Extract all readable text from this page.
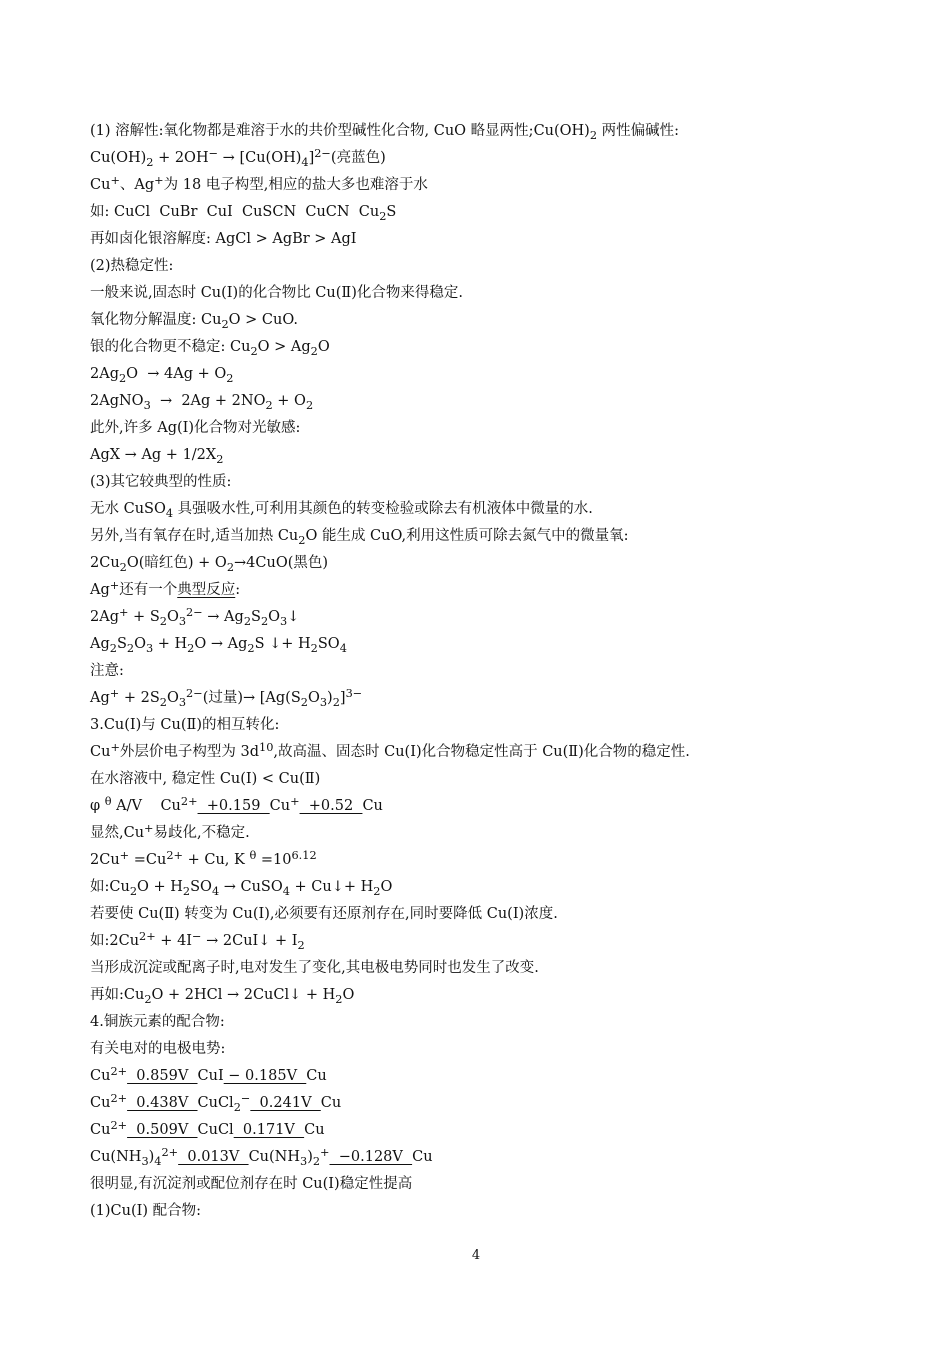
(1) 溶解性:氧化物都是难溶于水的共价型碱性化合物, CuO 略显两性$;Cu(OH)_2$ 两性偏碱性:
$Cu(OH)_2 + 2OH^- \to [Cu(OH)_4]^{2-}$(亮蓝色)
Cu+、Ag+为 18 电子构型,相应的盐大多也难溶于水
如: CuCl  CuBr  CuI  CuSCN  CuCN  $Cu_2S$
再如卤化银溶解度: AgCl > AgBr > AgI
(2)热稳定性:
一般来说,固态时 Cu(Ⅰ)的化合物比 Cu(Ⅱ)化合物来得稳定.
氧化物分解温度: $Cu_2O$ > CuO.
银的化合物更不稳定: $Cu_2O > Ag_2O$
$2Ag_2O \to 4Ag + O_2$
2AgNO$_3$  →  $2Ag + 2NO_2 + O_2$
此外,许多 Ag(Ⅰ)化合物对光敏感:
AgX → $Ag + 1/2X_2$
(3)其它较典型的性质:
无水 CuSO$_4$ 具强吸水性,可利用其颜色的转变检验或除去有机液体中微量的水.
另外,当有氧存在时,适当加热 $Cu_2O$ 能生成 CuO,利用这性质可除去氮气中的微量氧:
$2Cu_2O$(暗红色) + $O_2\to 4CuO$(黑色)
Ag+还有一个典型反应:
$2Ag^+ + S_2O_3^{2-}$ → $Ag_2S_2O_3↓$
$Ag_2S_2O_3 + H_2O \to Ag_2S$ ↓+ $H_2SO_4$
注意:
$Ag^+ + 2S_2O_3^{2-}$(过量)→ $[Ag(S_2O_3)_2]^{3-}$
3.Cu(Ⅰ)与 Cu(Ⅱ)的相互转化:
Cu+外层价电子构型为 $3d^{10}$,故高温、固态时 Cu(Ⅰ)化合物稳定性高于 Cu(Ⅱ)化合物的稳定性.
在水溶液中, 稳定性 Cu(Ⅰ) < Cu(Ⅱ)
φ $^\theta$ A/V    $Cu^{2+} +0.159$  Cu+  +0.52  Cu
显然,Cu+易歧化,不稳定.
$2Cu^+ =Cu^{2+} + Cu$, K $^\theta =10^{6.12}$
如$:Cu_2O + H_2SO_4$ → CuSO$_4$ + Cu↓+ $H_2O$
若要使 Cu(Ⅱ) 转变为 Cu(Ⅰ),必须要有还原剂存在,同时要降低 Cu(Ⅰ)浓度.
如$:2Cu^{2+} + 4I^-$ → 2CuI↓ + $I_2$
当形成沉淀或配离子时,电对发生了变化,其电极电势同时也发生了改变.
再如$:Cu_2O + 2HCl$ → 2CuCl↓ + $H_2O$
4.铜族元素的配合物:
有关电对的电极电势:
$Cu^{2+}$  0.859V  CuI − 0.185V  Cu
$Cu^{2+}$  0.438V  CuCl$_2$−  0.241V  Cu
$Cu^{2+}$  0.509V  CuCl  0.171V  Cu
$Cu(NH_3)_4^{2+}$  0.013V  $Cu(NH_3)_2^+ -0.128V$  Cu
很明显,有沉淀剂或配位剂存在时 Cu(I)稳定性提高
(1)Cu(I) 配合物:
4
